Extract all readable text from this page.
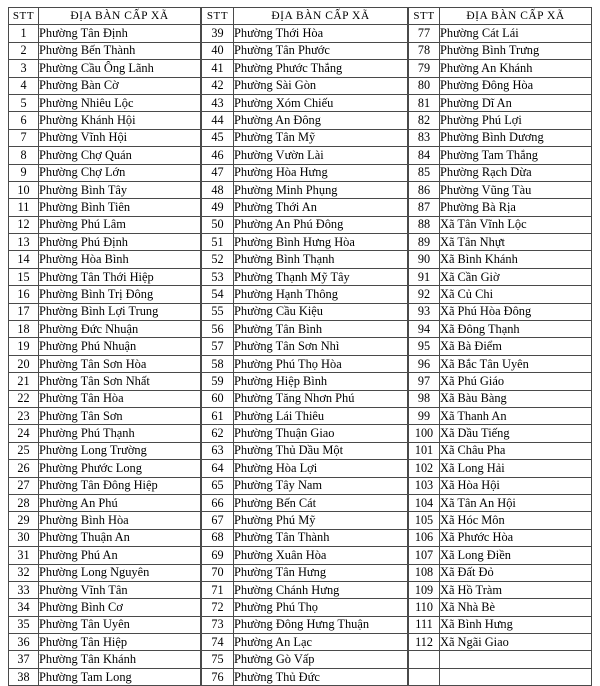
STT	ĐỊA BÀN CẤP XÃ
1	Phường Tân Định
2	Phường Bến Thành
3	Phường Cầu Ông Lãnh
4	Phường Bàn Cờ
5	Phường Nhiêu Lộc
6	Phường Khánh Hội
7	Phường Vĩnh Hội
8	Phường Chợ Quán
9	Phường Chợ Lớn
10	Phường Bình Tây
11	Phường Bình Tiên
12	Phường Phú Lâm
13	Phường Phú Định
14	Phường Hòa Bình
15	Phường Tân Thới Hiệp
16	Phường Bình Trị Đông
17	Phường Bình Lợi Trung
18	Phường Đức Nhuận
19	Phường Phú Nhuận
20	Phường Tân Sơn Hòa
21	Phường Tân Sơn Nhất
22	Phường Tân Hòa
23	Phường Tân Sơn
24	Phường Phú Thạnh
25	Phường Long Trường
26	Phường Phước Long
27	Phường Tân Đông Hiệp
28	Phường An Phú
29	Phường Bình Hòa
30	Phường Thuận An
31	Phường Phú An
32	Phường Long Nguyên
33	Phường Vĩnh Tân
34	Phường Bình Cơ
35	Phường Tân Uyên
36	Phường Tân Hiệp
37	Phường Tân Khánh
38	Phường Tam Long
STT	ĐỊA BÀN CẤP XÃ
39	Phường Thới Hòa
40	Phường Tân Phước
41	Phường Phước Thắng
42	Phường Sài Gòn
43	Phường Xóm Chiếu
44	Phường An Đông
45	Phường Tân Mỹ
46	Phường Vườn Lài
47	Phường Hòa Hưng
48	Phường Minh Phụng
49	Phường Thới An
50	Phường An Phú Đông
51	Phường Bình Hưng Hòa
52	Phường Bình Thạnh
53	Phường Thạnh Mỹ Tây
54	Phường Hạnh Thông
55	Phường Cầu Kiệu
56	Phường Tân Bình
57	Phường Tân Sơn Nhì
58	Phường Phú Thọ Hòa
59	Phường Hiệp Bình
60	Phường Tăng Nhơn Phú
61	Phường Lái Thiêu
62	Phường Thuận Giao
63	Phường Thủ Dầu Một
64	Phường Hòa Lợi
65	Phường Tây Nam
66	Phường Bến Cát
67	Phường Phú Mỹ
68	Phường Tân Thành
69	Phường Xuân Hòa
70	Phường Tân Hưng
71	Phường Chánh Hưng
72	Phường Phú Thọ
73	Phường Đông Hưng Thuận
74	Phường An Lạc
75	Phường Gò Vấp
76	Phường Thủ Đức
STT	ĐỊA BÀN CẤP XÃ
77	Phường Cát Lái
78	Phường Bình Trưng
79	Phường An Khánh
80	Phường Đông Hòa
81	Phường Dĩ An
82	Phường Phú Lợi
83	Phường Bình Dương
84	Phường Tam Thắng
85	Phường Rạch Dừa
86	Phường Vũng Tàu
87	Phường Bà Rịa
88	Xã Tân Vĩnh Lộc
89	Xã Tân Nhựt
90	Xã Bình Khánh
91	Xã Cần Giờ
92	Xã Củ Chi
93	Xã Phú Hòa Đông
94	Xã Đông Thạnh
95	Xã Bà Điểm
96	Xã Bắc Tân Uyên
97	Xã Phú Giáo
98	Xã Bàu Bàng
99	Xã Thanh An
100	Xã Dầu Tiếng
101	Xã Châu Pha
102	Xã Long Hải
103	Xã Hòa Hội
104	Xã Tân An Hội
105	Xã Hóc Môn
106	Xã Phước Hòa
107	Xã Long Điền
108	Xã Đất Đỏ
109	Xã Hồ Tràm
110	Xã Nhà Bè
111	Xã Bình Hưng
112	Xã Ngãi Giao
